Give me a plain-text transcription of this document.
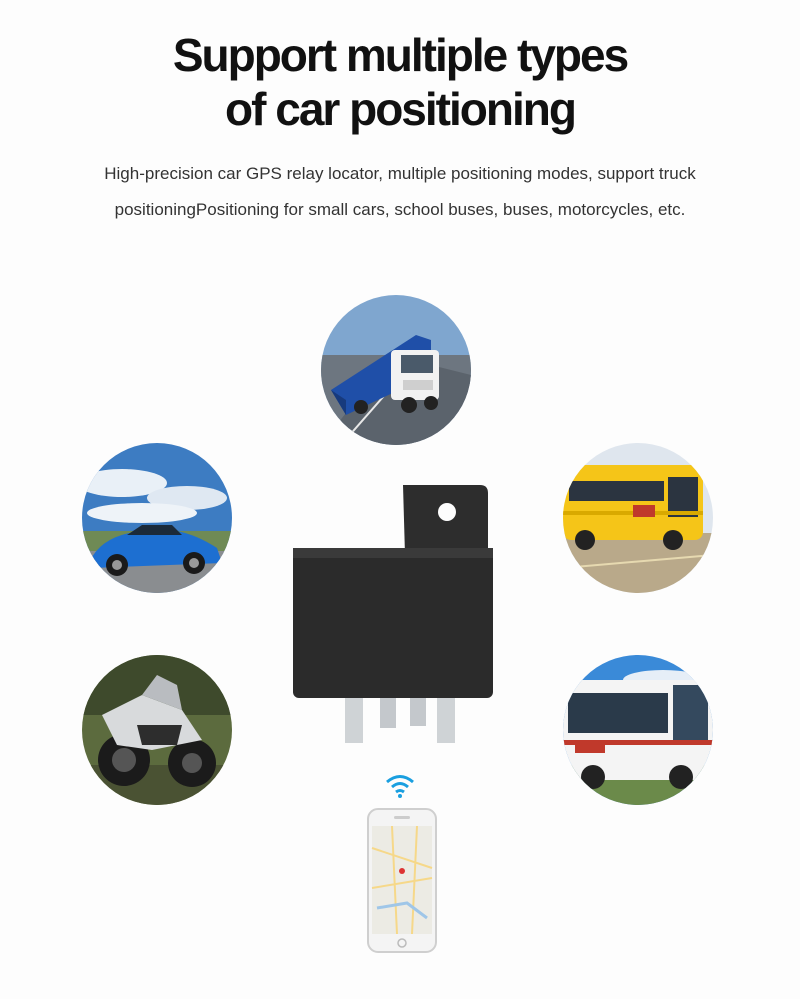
Support multiple types
of car positioning
High-precision car GPS relay locator, multiple positioning modes, support truck
positioningPositioning for small cars, school buses, buses, motorcycles, etc.
